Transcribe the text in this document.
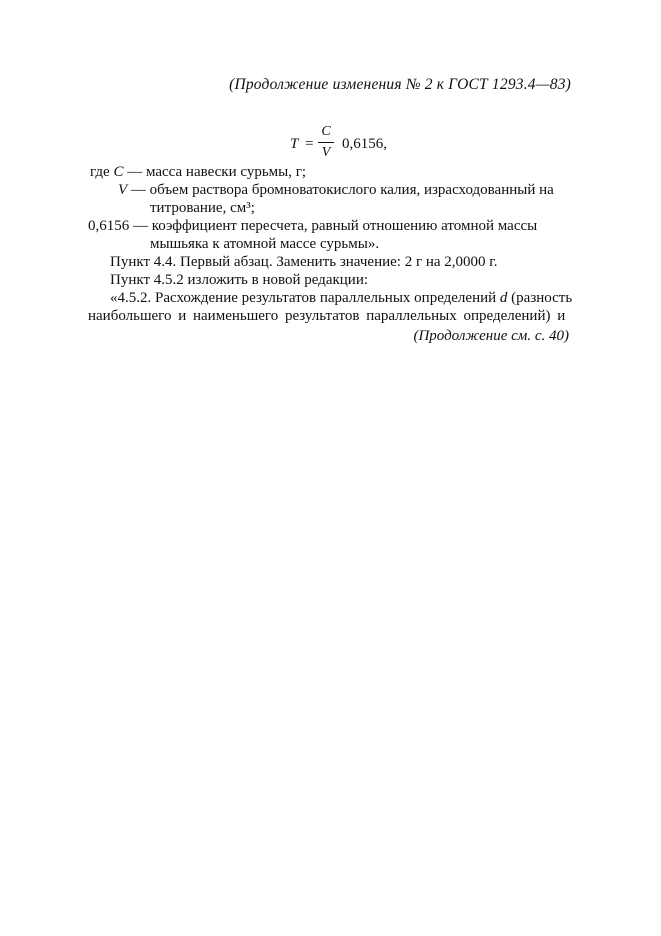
(Продолжение изменения № 2 к ГОСТ 1293.4—83)
T =
C
V
0,6156,
где C — масса навески сурьмы, г;
V — объем раствора бромноватокислого калия, израсходованный на
титрование, см³;
0,6156 — коэффициент пересчета, равный отношению атомной массы
мышьяка к атомной массе сурьмы».
Пункт 4.4. Первый абзац. Заменить значение: 2 г на 2,0000 г.
Пункт 4.5.2 изложить в новой редакции:
«4.5.2. Расхождение результатов параллельных определений d (разность
наибольшего и наименьшего результатов параллельных определений) и
(Продолжение см. с. 40)
